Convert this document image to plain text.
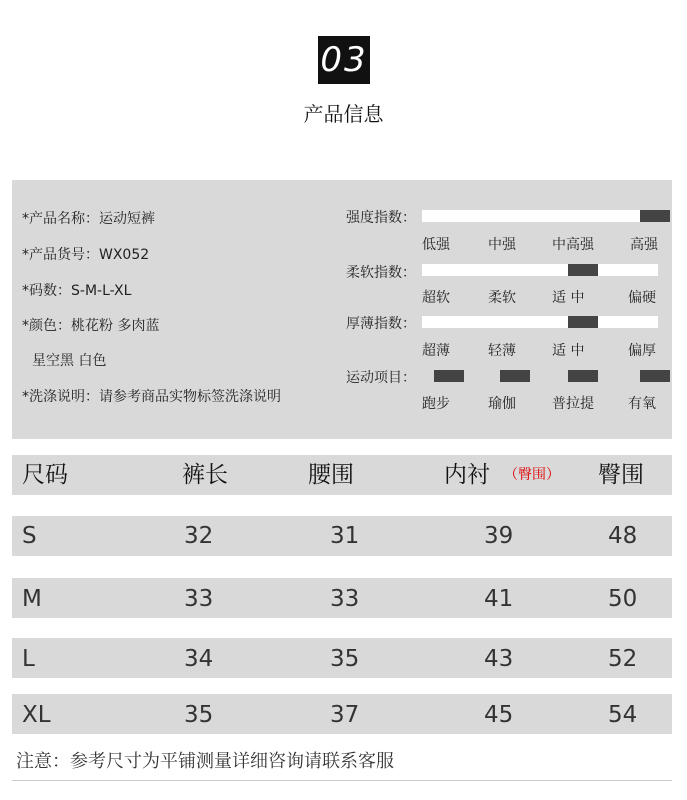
03
产品信息
*产品名称：运动短裤
*产品货号：WX052
*码数：S-M-L-XL
*颜色：桃花粉 多肉蓝
星空黑 白色
*洗涤说明：请参考商品实物标签洗涤说明
强度指数：
低强	中强	中高强	高强
柔软指数：
超软	柔软	适 中	偏硬
厚薄指数：
超薄	轻薄	适 中	偏厚
运动项目：
跑步	瑜伽	普拉提 有氧
尺码	裤长	腰围	内衬 （臀围） 臀围
S	32	31	39	48
M	33	33	41	50
L	34	35	43	52
XL	35	37	45	54
注意：参考尺寸为平铺测量详细咨询请联系客服
